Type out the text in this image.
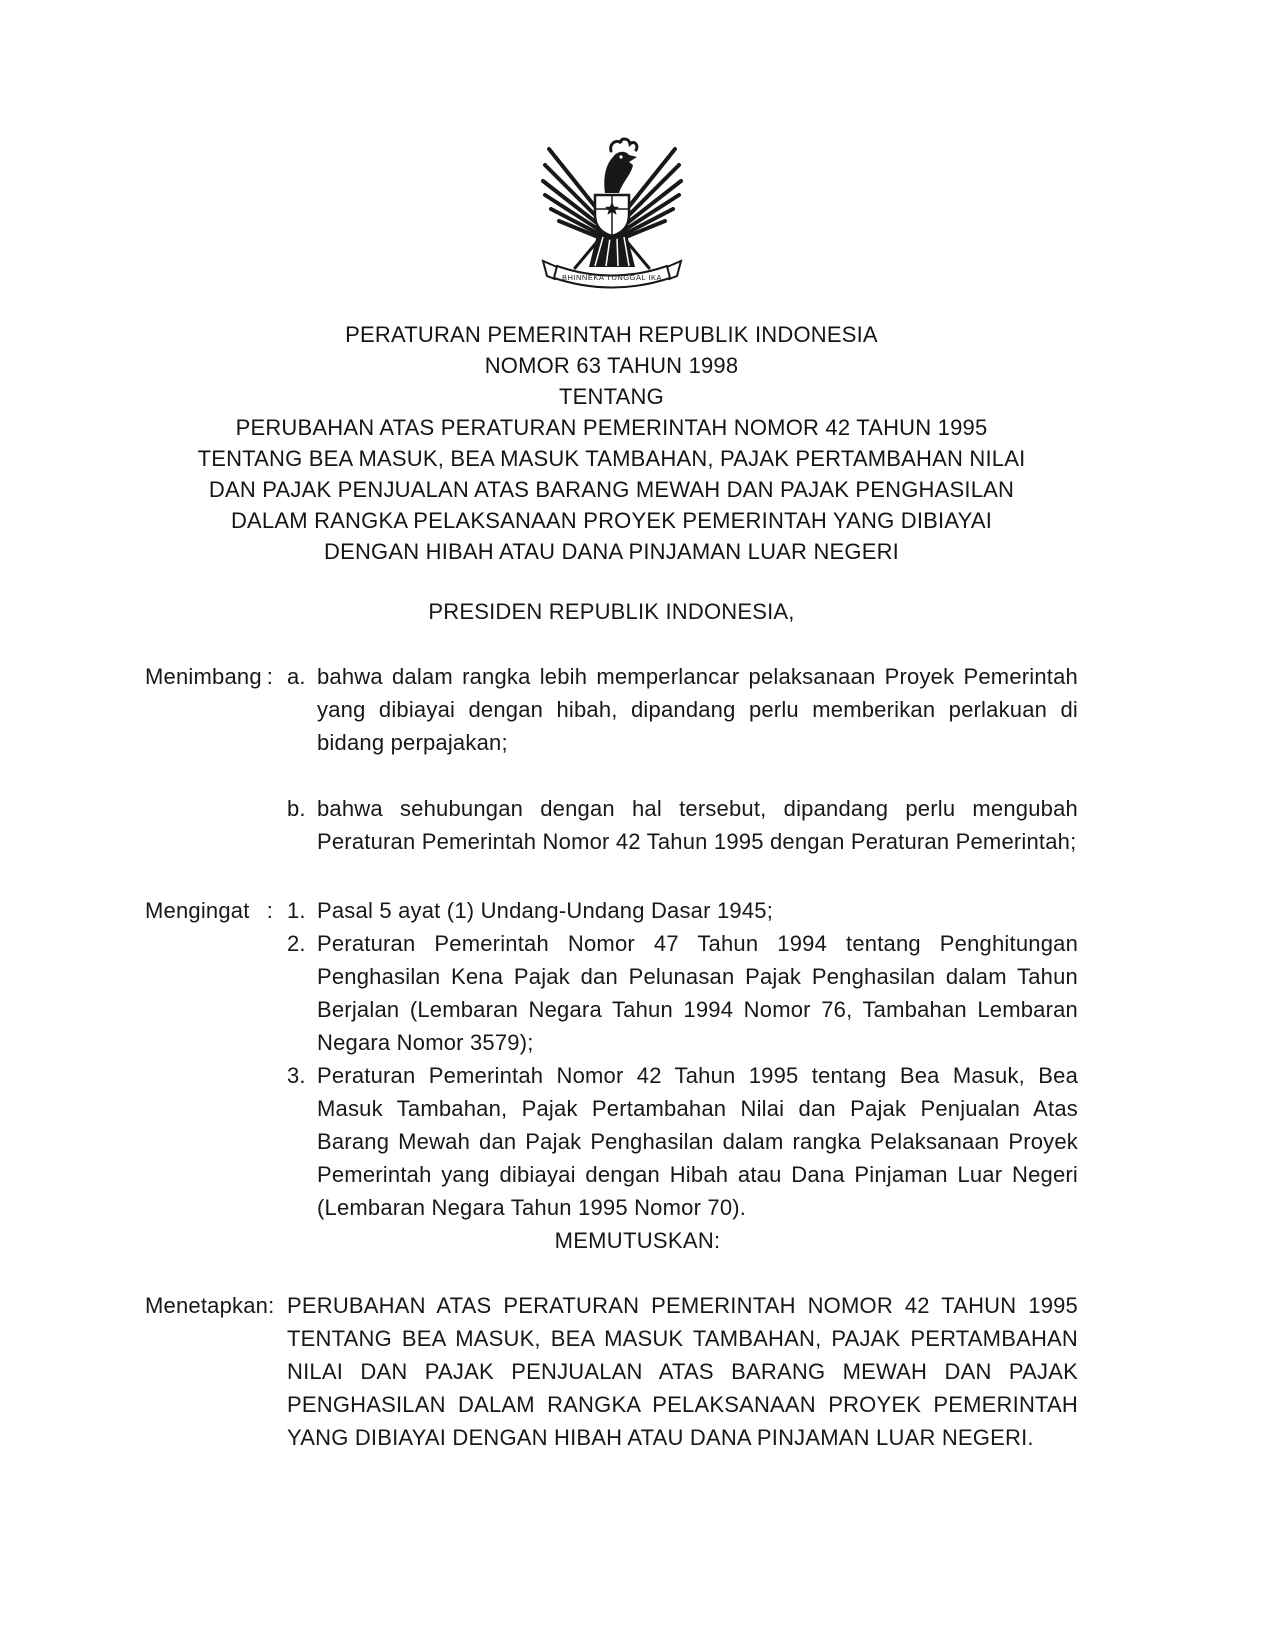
BHINNEKA TUNGGAL IKA
PERATURAN PEMERINTAH REPUBLIK INDONESIA
NOMOR 63 TAHUN 1998
TENTANG
PERUBAHAN ATAS PERATURAN PEMERINTAH NOMOR 42 TAHUN 1995
TENTANG BEA MASUK, BEA MASUK TAMBAHAN, PAJAK PERTAMBAHAN NILAI
DAN PAJAK PENJUALAN ATAS BARANG MEWAH DAN PAJAK PENGHASILAN
DALAM RANGKA PELAKSANAAN PROYEK PEMERINTAH YANG DIBIAYAI
DENGAN HIBAH ATAU DANA PINJAMAN LUAR NEGERI
PRESIDEN REPUBLIK INDONESIA,
Menimbang : a. bahwa dalam rangka lebih memperlancar pelaksanaan Proyek Pemerintah yang dibiayai dengan hibah, dipandang perlu memberikan perlakuan di bidang perpajakan;
b. bahwa sehubungan dengan hal tersebut, dipandang perlu mengubah Peraturan Pemerintah Nomor 42 Tahun 1995 dengan Peraturan Pemerintah;
Mengingat : 1. Pasal 5 ayat (1) Undang-Undang Dasar 1945;
2. Peraturan Pemerintah Nomor 47 Tahun 1994 tentang Penghitungan Penghasilan Kena Pajak dan Pelunasan Pajak Penghasilan dalam Tahun Berjalan (Lembaran Negara Tahun 1994 Nomor 76, Tambahan Lembaran Negara Nomor 3579);
3. Peraturan Pemerintah Nomor 42 Tahun 1995 tentang Bea Masuk, Bea Masuk Tambahan, Pajak Pertambahan Nilai dan Pajak Penjualan Atas Barang Mewah dan Pajak Penghasilan dalam rangka Pelaksanaan Proyek Pemerintah yang dibiayai dengan Hibah atau Dana Pinjaman Luar Negeri (Lembaran Negara Tahun 1995 Nomor 70).
MEMUTUSKAN:
Menetapkan : PERUBAHAN ATAS PERATURAN PEMERINTAH NOMOR 42 TAHUN 1995 TENTANG BEA MASUK, BEA MASUK TAMBAHAN, PAJAK PERTAMBAHAN NILAI DAN PAJAK PENJUALAN ATAS BARANG MEWAH DAN PAJAK PENGHASILAN DALAM RANGKA PELAKSANAAN PROYEK PEMERINTAH YANG DIBIAYAI DENGAN HIBAH ATAU DANA PINJAMAN LUAR NEGERI.
